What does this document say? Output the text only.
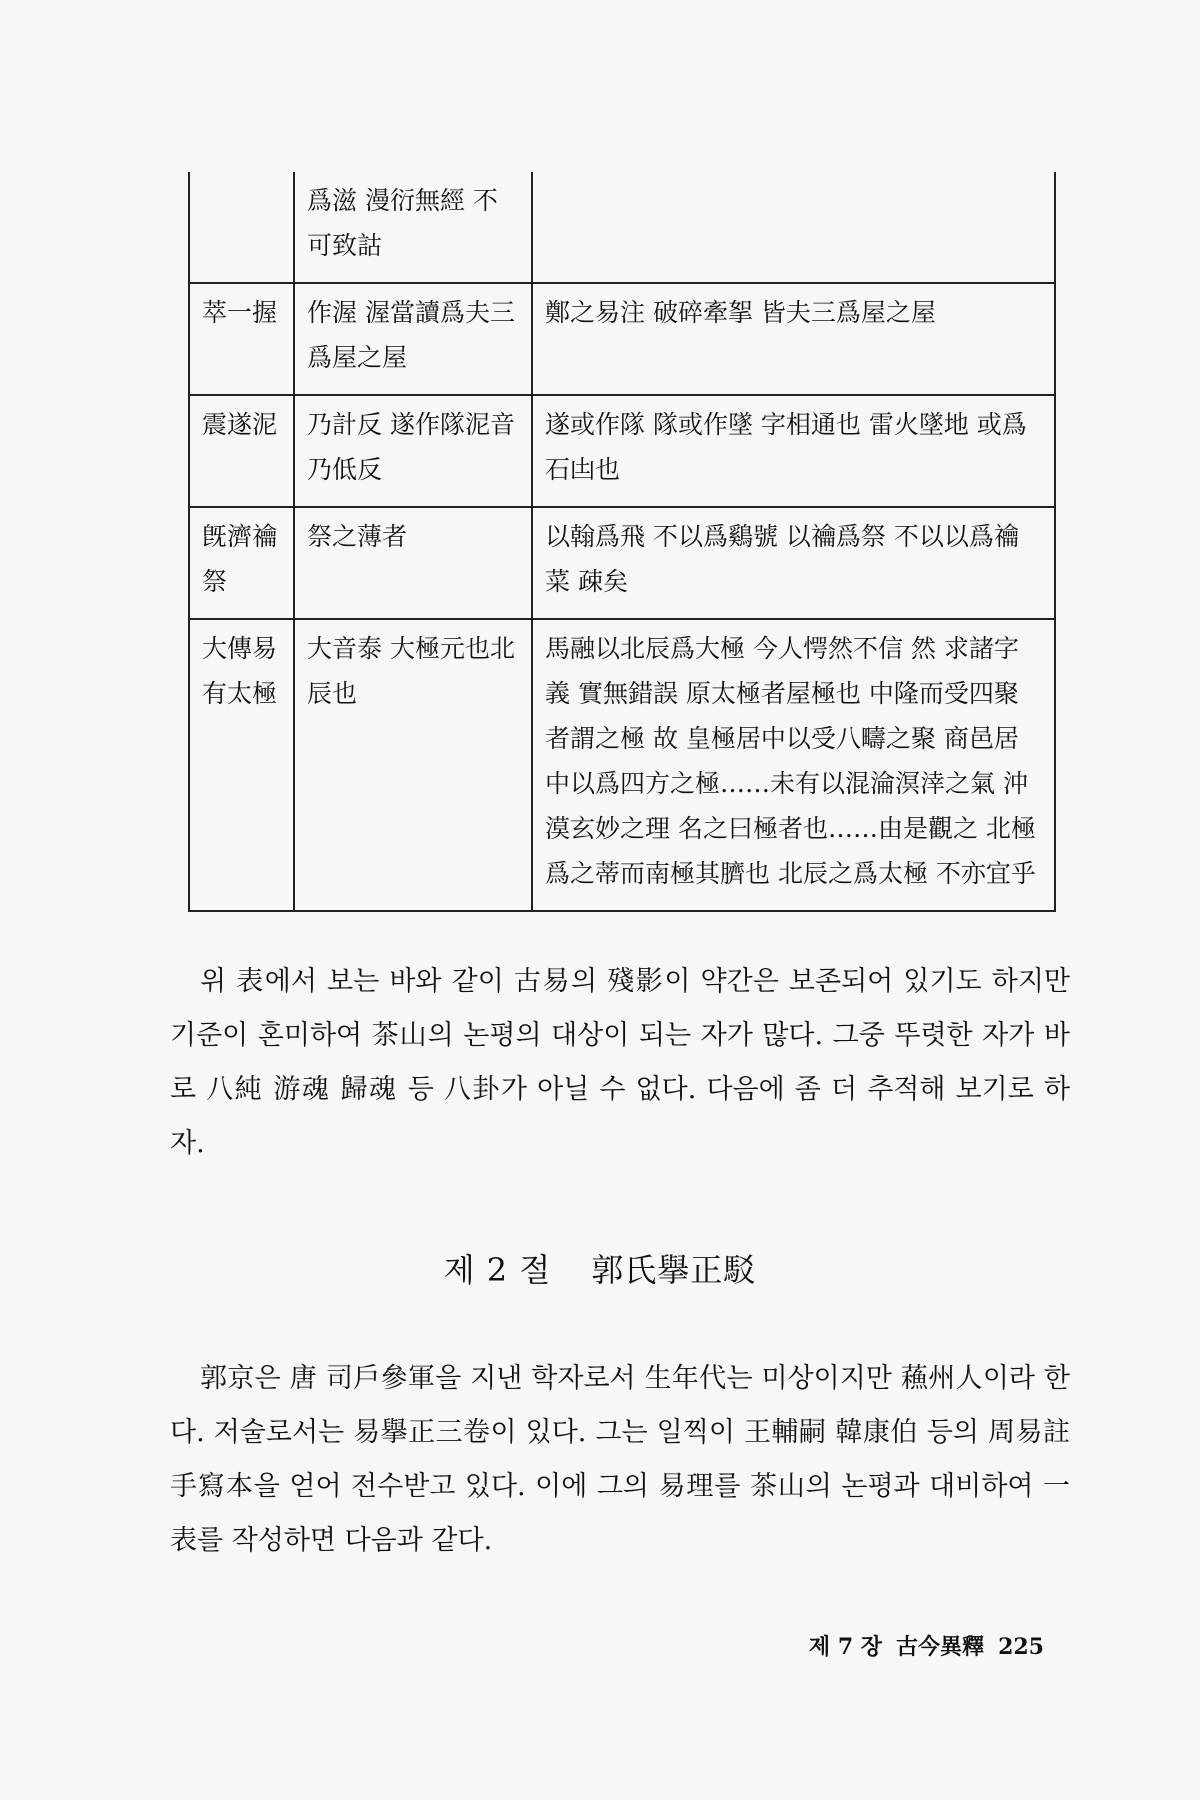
	爲滋 漫衍無經 不可致詁	
萃一握	作渥 渥當讀爲夫三爲屋之屋	鄭之易注 破碎牽挐 皆夫三爲屋之屋
震遂泥	乃計反 遂作隊泥音乃低反	遂或作隊 隊或作墜 字相通也 雷火墜地 或爲石凷也
旣濟禴祭	祭之薄者	以翰爲飛 不以爲鷄號 以禴爲祭 不以以爲禴菜 疎矣
大傳易有太極	大音泰 大極元也北辰也	馬融以北辰爲大極 今人愕然不信 然 求諸字義 實無錯誤 原太極者屋極也 中隆而受四聚者謂之極 故 皇極居中以受八疇之聚 商邑居中以爲四方之極……未有以混淪溟涬之氣 沖漠玄妙之理 名之曰極者也……由是觀之 北極爲之蒂而南極其臍也 北辰之爲太極 不亦宜乎

위 表에서 보는 바와 같이 古易의 殘影이 약간은 보존되어 있기도 하지만 기준이 혼미하여 茶山의 논평의 대상이 되는 자가 많다. 그중 뚜렷한 자가 바로 八純 游魂 歸魂 등 八卦가 아닐 수 없다. 다음에 좀 더 추적해 보기로 하자.

제 2 절 郭氏擧正駁

郭京은 唐 司戶參軍을 지낸 학자로서 生年代는 미상이지만 蘓州人이라 한다. 저술로서는 易擧正三卷이 있다. 그는 일찍이 王輔嗣 韓康伯 등의 周易註手寫本을 얻어 전수받고 있다. 이에 그의 易理를 茶山의 논평과 대비하여 一表를 작성하면 다음과 같다.

제 7 장 古今異釋 225
